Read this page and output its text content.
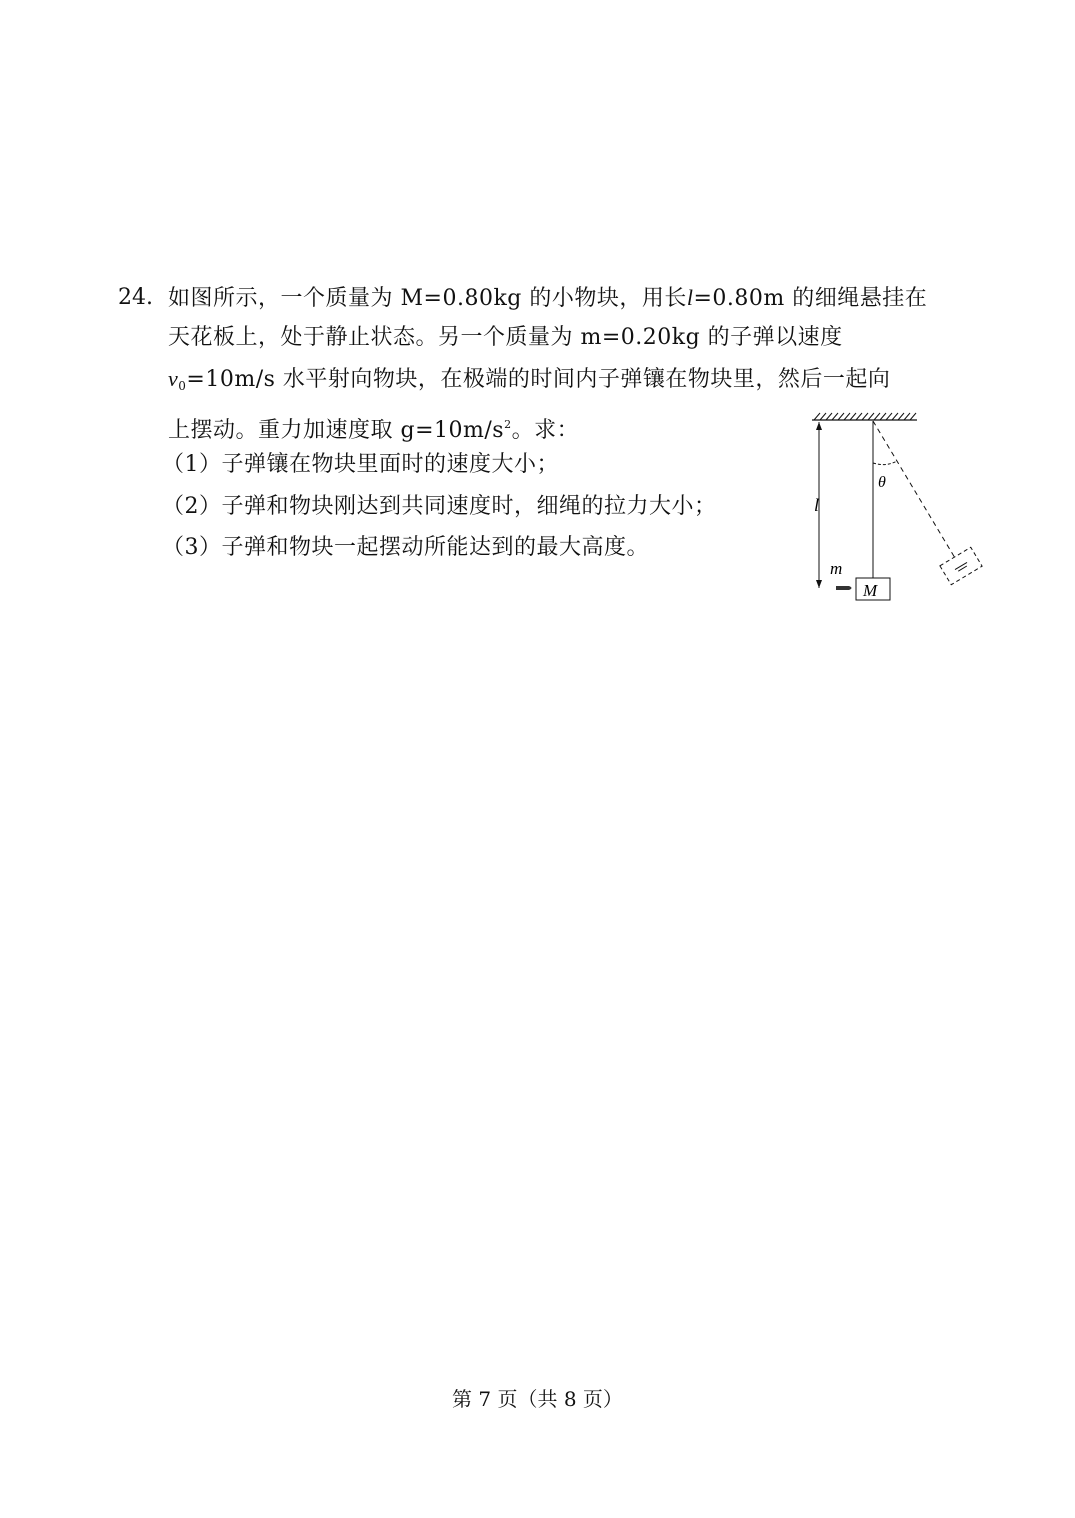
24. 如图所示，一个质量为 M=0.80kg 的小物块，用长l=0.80m 的细绳悬挂在
天花板上，处于静止状态。另一个质量为 m=0.20kg 的子弹以速度
$v_0=10m/s$ 水平射向物块，在极端的时间内子弹镶在物块里，然后一起向
上摆动。重力加速度取 $g=10m/s^2$。求：
（1）子弹镶在物块里面时的速度大小；
（2）子弹和物块刚达到共同速度时，细绳的拉力大小；
（3）子弹和物块一起摆动所能达到的最大高度。
l
θ
M
m
第 7 页（共 8 页）
